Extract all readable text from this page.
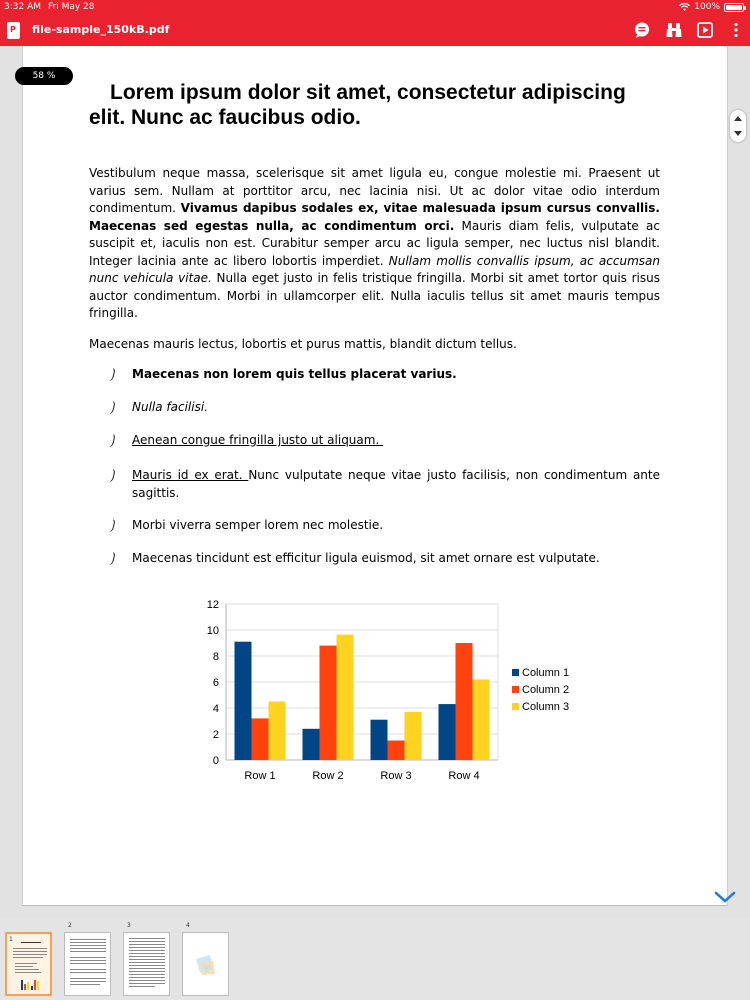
3:32 AM Fri May 28	100%
P file-sample_150kB.pdf
58 %
Lorem ipsum dolor sit amet, consectetur adipiscing elit. Nunc ac faucibus odio.

Vestibulum neque massa, scelerisque sit amet ligula eu, congue molestie mi. Praesent ut varius sem. Nullam at porttitor arcu, nec lacinia nisi. Ut ac dolor vitae odio interdum condimentum. Vivamus dapibus sodales ex, vitae malesuada ipsum cursus convallis. Maecenas sed egestas nulla, ac condimentum orci. Mauris diam felis, vulputate ac suscipit et, iaculis non est. Curabitur semper arcu ac ligula semper, nec luctus nisl blandit. Integer lacinia ante ac libero lobortis imperdiet. Nullam mollis convallis ipsum, ac accumsan nunc vehicula vitae. Nulla eget justo in felis tristique fringilla. Morbi sit amet tortor quis risus auctor condimentum. Morbi in ullamcorper elit. Nulla iaculis tellus sit amet mauris tempus fringilla.

Maecenas mauris lectus, lobortis et purus mattis, blandit dictum tellus.

⟯ Maecenas non lorem quis tellus placerat varius.
⟯ Nulla facilisi.
⟯ Aenean congue fringilla justo ut aliquam.
⟯ Mauris id ex erat. Nunc vulputate neque vitae justo facilisis, non condimentum ante sagittis.
⟯ Morbi viverra semper lorem nec molestie.
⟯ Maecenas tincidunt est efficitur ligula euismod, sit amet ornare est vulputate.
0
2
4
6
8
10
12
Row 1	Row 2	Row 3	Row 4
Column 1
Column 2
Column 3
1
2	3	4
